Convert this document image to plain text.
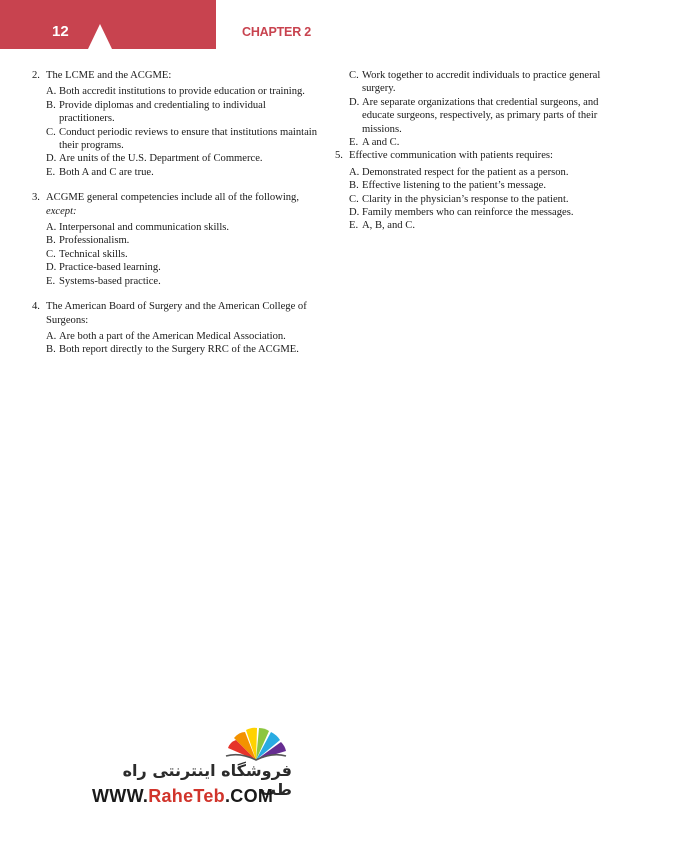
12	CHAPTER 2
2. The LCME and the ACGME:
A. Both accredit institutions to provide education or training.
B. Provide diplomas and credentialing to individual practitioners.
C. Conduct periodic reviews to ensure that institutions maintain their programs.
D. Are units of the U.S. Department of Commerce.
E. Both A and C are true.
3. ACGME general competencies include all of the following, except:
A. Interpersonal and communication skills.
B. Professionalism.
C. Technical skills.
D. Practice-based learning.
E. Systems-based practice.
4. The American Board of Surgery and the American College of Surgeons:
A. Are both a part of the American Medical Association.
B. Both report directly to the Surgery RRC of the ACGME.
C. Work together to accredit individuals to practice general surgery.
D. Are separate organizations that credential surgeons, and educate surgeons, respectively, as primary parts of their missions.
E. A and C.
5. Effective communication with patients requires:
A. Demonstrated respect for the patient as a person.
B. Effective listening to the patient’s message.
C. Clarity in the physician’s response to the patient.
D. Family members who can reinforce the messages.
E. A, B, and C.
فروشگاه اینترنتی راه طب
WWW.RaheTeb.COM
